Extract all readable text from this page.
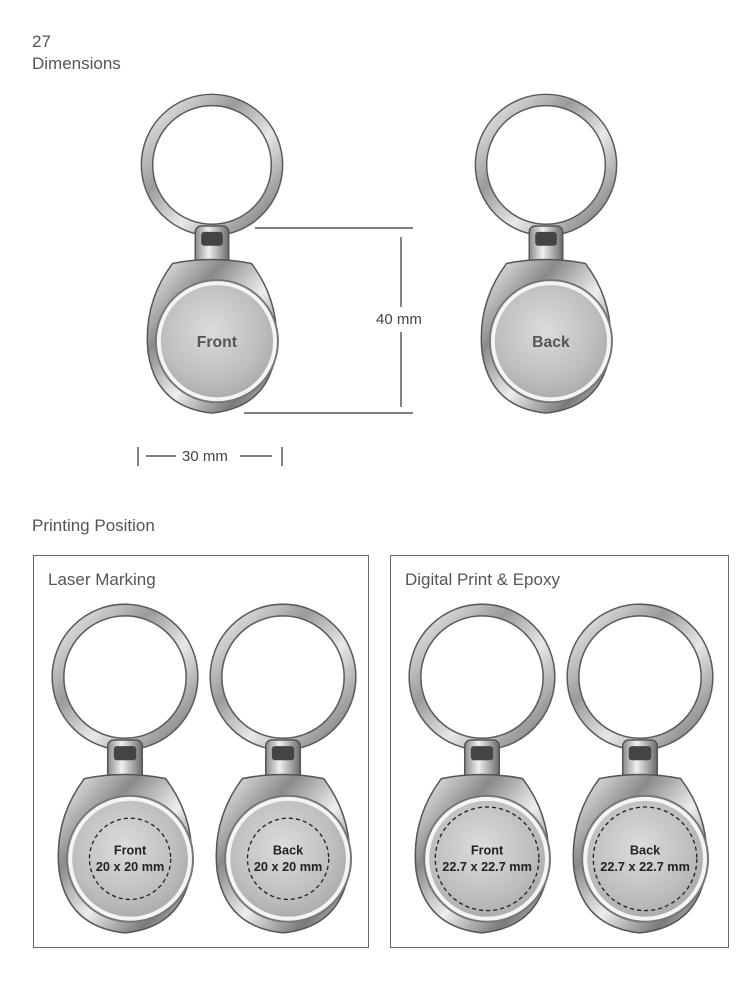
27
Dimensions
Front	Back
40 mm
30 mm
Printing Position
Laser Marking
Front
20 x 20 mm
Back
20 x 20 mm
Digital Print & Epoxy
Front
22.7 x 22.7 mm
Back
22.7 x 22.7 mm
